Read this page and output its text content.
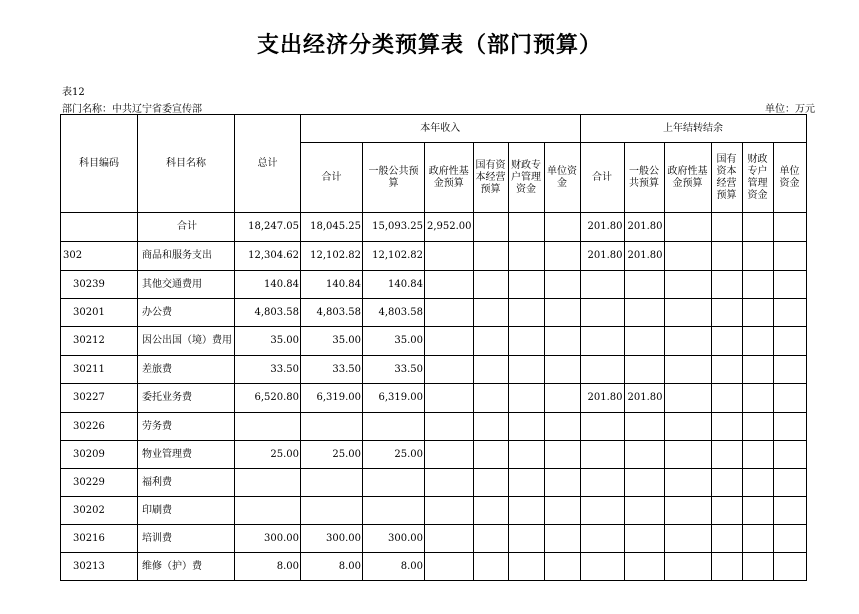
支出经济分类预算表（部门预算）
表12
部门名称：中共辽宁省委宣传部	单位：万元
科目编码	科目名称	总计	本年收入						上年结转结余					
			合计	一般公共预算	政府性基金预算	国有资本经营预算	财政专户管理资金	单位资金	合计	一般公共预算	政府性基金预算	国有资本经营预算	财政专户管理资金	单位资金
	合计	18,247.05	18,045.25	15,093.25	2,952.00				201.80	201.80				
302	商品和服务支出	12,304.62	12,102.82	12,102.82					201.80	201.80				
30239	其他交通费用	140.84	140.84	140.84										
30201	办公费	4,803.58	4,803.58	4,803.58										
30212	因公出国（境）费用	35.00	35.00	35.00										
30211	差旅费	33.50	33.50	33.50										
30227	委托业务费	6,520.80	6,319.00	6,319.00					201.80	201.80				
30226	劳务费													
30209	物业管理费	25.00	25.00	25.00										
30229	福利费													
30202	印刷费													
30216	培训费	300.00	300.00	300.00										
30213	维修（护）费	8.00	8.00	8.00										
